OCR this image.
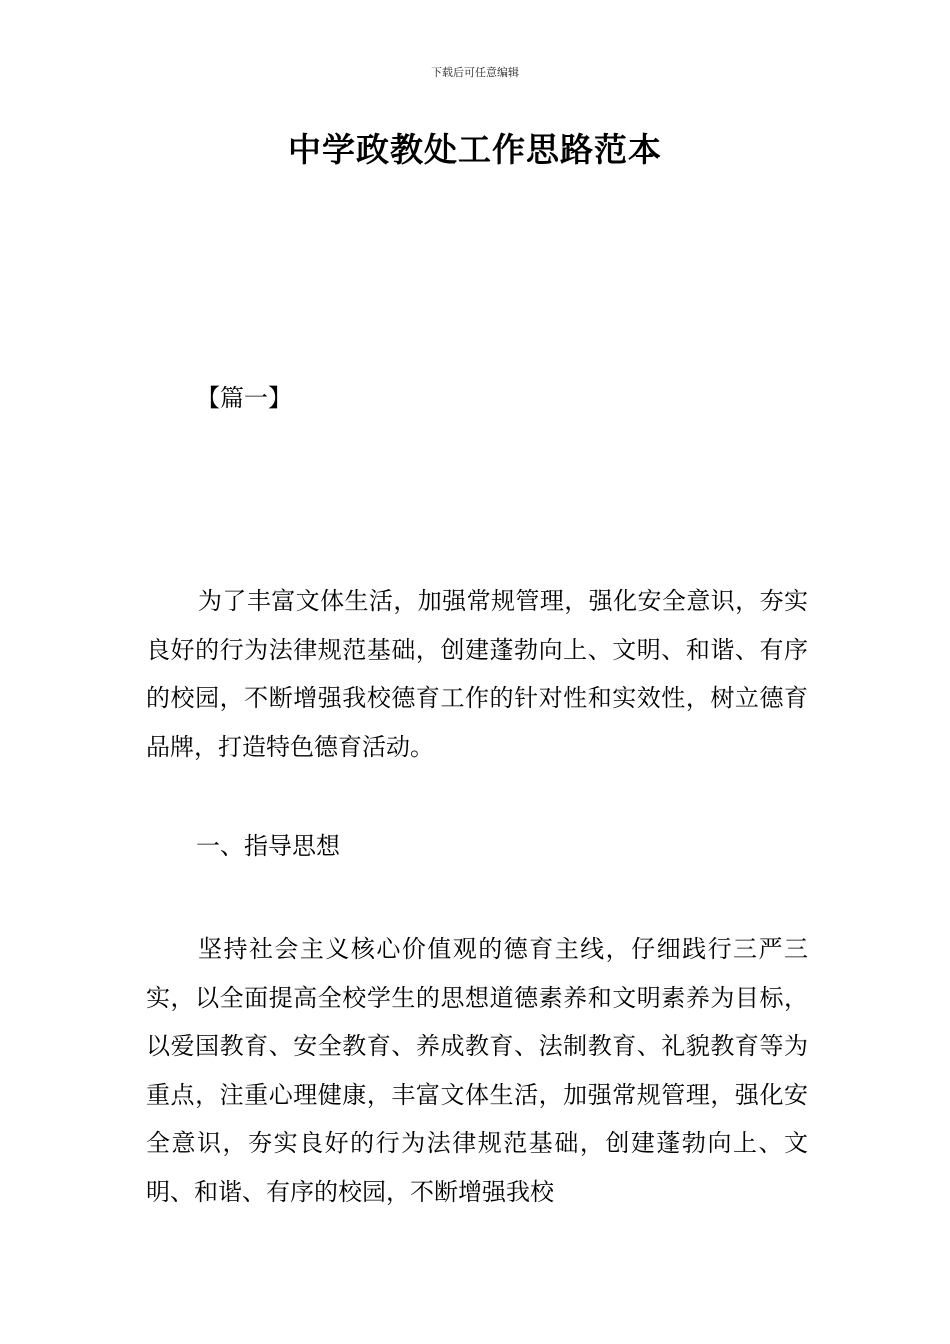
下载后可任意编辑
中学政教处工作思路范本
【篇一】

为了丰富文体生活，加强常规管理，强化安全意识，夯实良好的行为法律规范基础，创建蓬勃向上、文明、和谐、有序的校园，不断增强我校德育工作的针对性和实效性，树立德育品牌，打造特色德育活动。

一、指导思想

坚持社会主义核心价值观的德育主线，仔细践行三严三实，以全面提高全校学生的思想道德素养和文明素养为目标，以爱国教育、安全教育、养成教育、法制教育、礼貌教育等为重点，注重心理健康，丰富文体生活，加强常规管理，强化安全意识，夯实良好的行为法律规范基础，创建蓬勃向上、文明、和谐、有序的校园，不断增强我校
